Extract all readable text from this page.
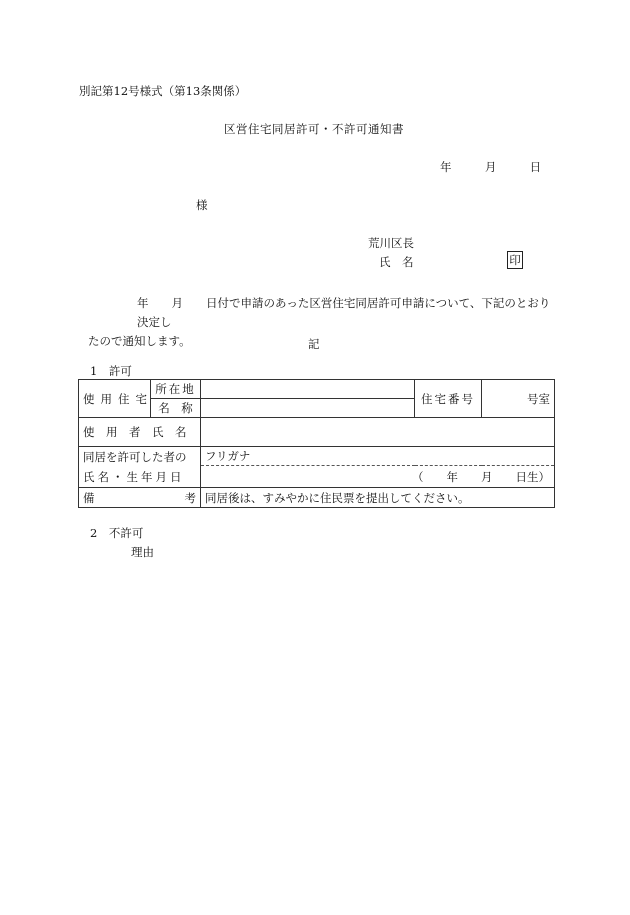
別記第12号様式（第13条関係）
区営住宅同居許可・不許可通知書
年	月	日
様
荒川区長
氏　名	印
年　　月　　日付で申請のあった区営住宅同居許可申請について、下記のとおり決定し
たので通知します。	記
1　許可
使用住宅	所在地		住宅番号	号室
	名　称			
使　用　者　氏　名				

同居を許可した者の
氏名・生年月日		フリガナ		
		（　　年　　月　　日生）		
備 考		同居後は、すみやかに住民票を提出してください。		
2　不許可
理由
